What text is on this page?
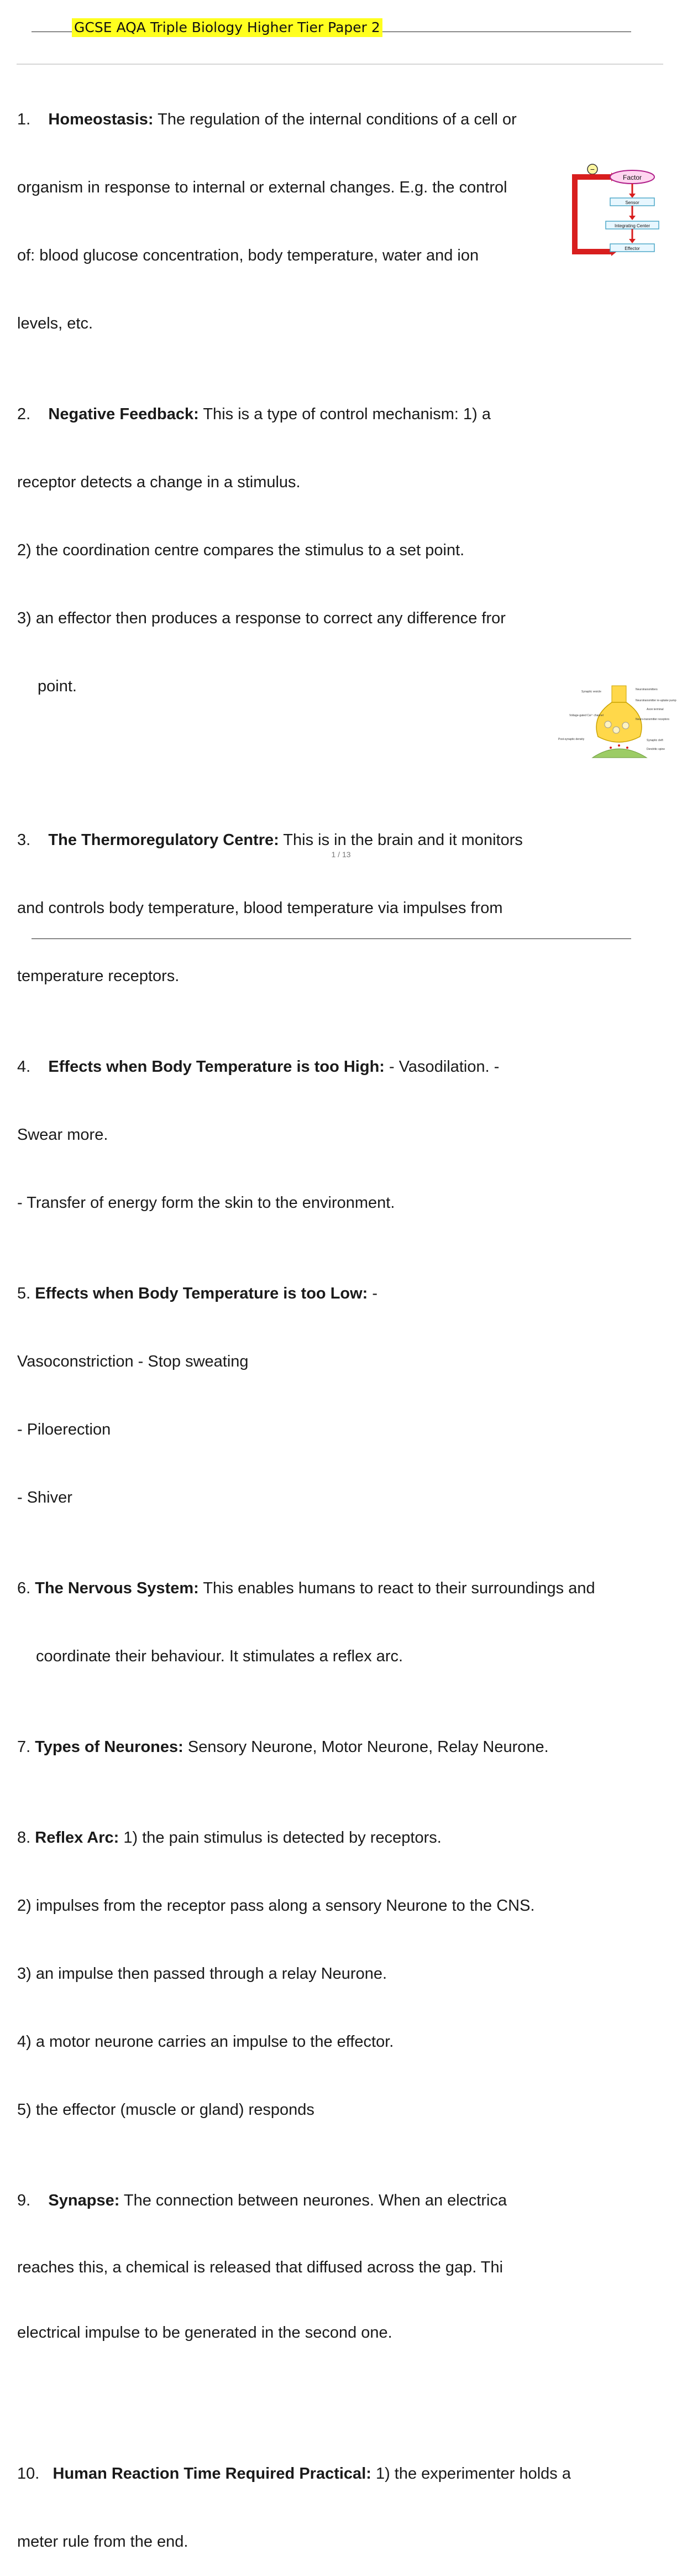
GCSE AQA Triple Biology Higher Tier Paper 2

1. Homeostasis: The regulation of the internal conditions of a cell or

organism in response to internal or external changes. E.g. the control

of: blood glucose concentration, body temperature, water and ion

levels, etc.

2. Negative Feedback: This is a type of control mechanism: 1) a

receptor detects a change in a stimulus.

2) the coordination centre compares the stimulus to a set point.

3) an effector then produces a response to correct any difference fror

point.

3. The Thermoregulatory Centre: This is in the brain and it monitors

and controls body temperature, blood temperature via impulses from

temperature receptors.

4. Effects when Body Temperature is too High: - Vasodilation. -

Swear more.

- Transfer of energy form the skin to the environment.

5. Effects when Body Temperature is too Low: -

Vasoconstriction - Stop sweating

- Piloerection

- Shiver

6. The Nervous System: This enables humans to react to their surroundings and

coordinate their behaviour. It stimulates a reflex arc.

7. Types of Neurones: Sensory Neurone, Motor Neurone, Relay Neurone.

8. Reflex Arc: 1) the pain stimulus is detected by receptors.

2) impulses from the receptor pass along a sensory Neurone to the CNS.

3) an impulse then passed through a relay Neurone.

4) a motor neurone carries an impulse to the effector.

5) the effector (muscle or gland) responds

9. Synapse: The connection between neurones. When an electrica

reaches this, a chemical is released that diffused across the gap. Thi

electrical impulse to be generated in the second one.

10. Human Reaction Time Required Practical: 1) the experimenter holds a

meter rule from the end.

−
Factor
Sensor
Integrating Center
Effector
Synaptic vesicle
Neurotransmitters
Neurotransmitter re-uptake pump
Voltage-gated Ca²⁺ channel
Neuro-transmitter receptors
Post-synaptic density	Synaptic cleft
Axon terminal
Dendritic spine
1 / 13
